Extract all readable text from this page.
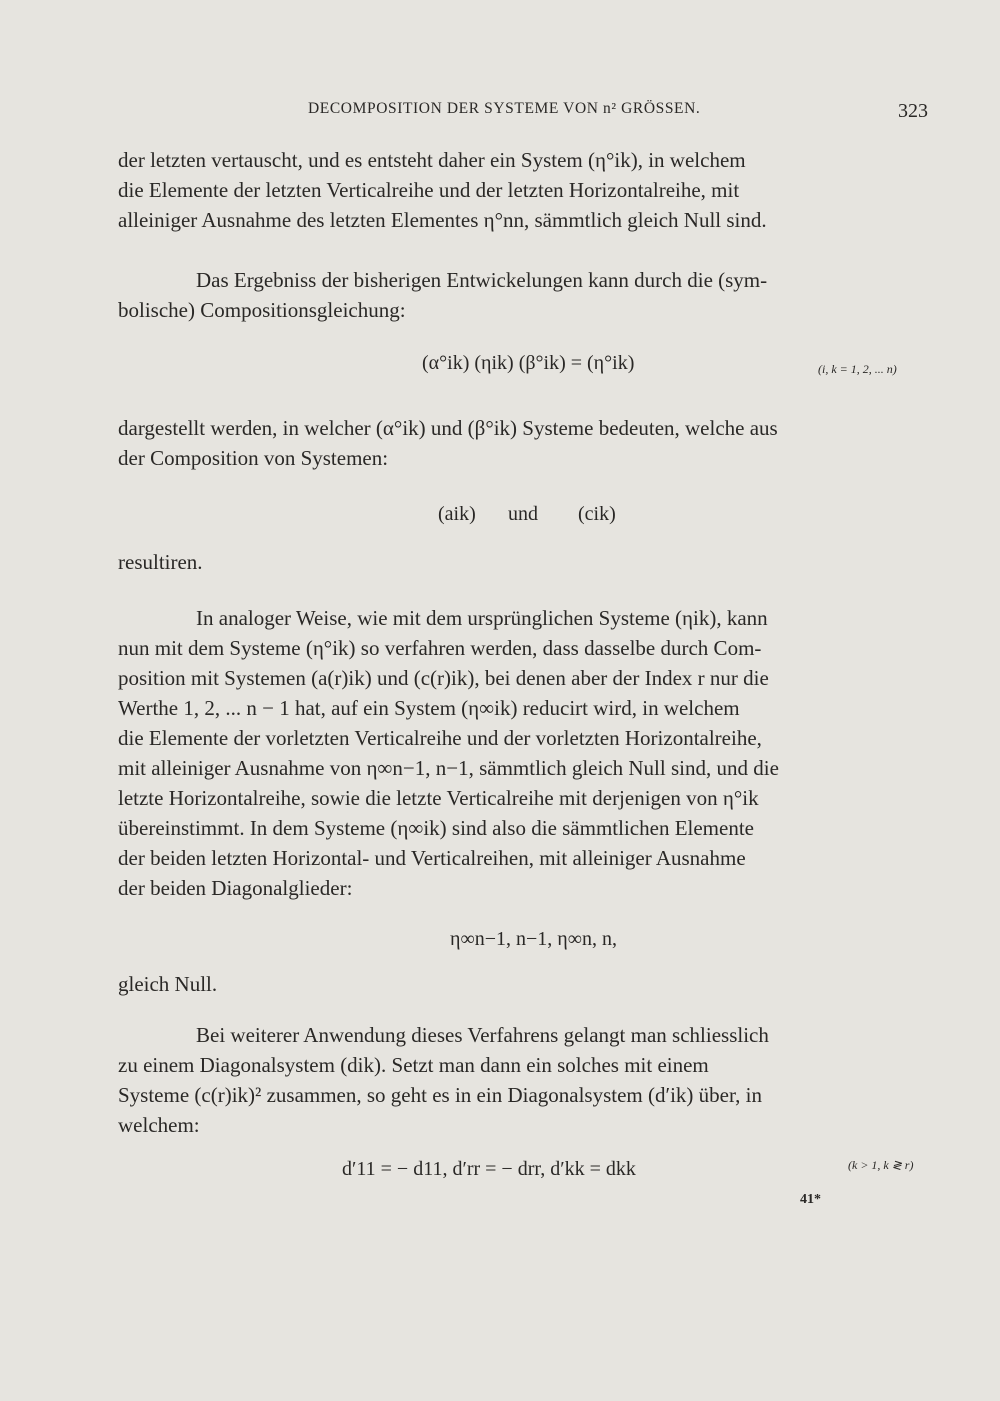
DECOMPOSITION DER SYSTEME VON n² GRÖSSEN.	323
der letzten vertauscht, und es entsteht daher ein System (η°ik), in welchem
die Elemente der letzten Verticalreihe und der letzten Horizontalreihe, mit
alleiniger Ausnahme des letzten Elementes η°nn, sämmtlich gleich Null sind.
Das Ergebniss der bisherigen Entwickelungen kann durch die (sym-
bolische) Compositionsgleichung:
(α°ik) (ηik) (β°ik) = (η°ik)	(i, k = 1, 2, ... n)
dargestellt werden, in welcher (α°ik) und (β°ik) Systeme bedeuten, welche aus
der Composition von Systemen:
(aik) und (cik)
resultiren.
In analoger Weise, wie mit dem ursprünglichen Systeme (ηik), kann
nun mit dem Systeme (η°ik) so verfahren werden, dass dasselbe durch Com-
position mit Systemen (a(r)ik) und (c(r)ik), bei denen aber der Index r nur die
Werthe 1, 2, ... n − 1 hat, auf ein System (η∞ik) reducirt wird, in welchem
die Elemente der vorletzten Verticalreihe und der vorletzten Horizontalreihe,
mit alleiniger Ausnahme von η∞n−1, n−1, sämmtlich gleich Null sind, und die
letzte Horizontalreihe, sowie die letzte Verticalreihe mit derjenigen von η°ik
übereinstimmt. In dem Systeme (η∞ik) sind also die sämmtlichen Elemente
der beiden letzten Horizontal- und Verticalreihen, mit alleiniger Ausnahme
der beiden Diagonalglieder:
η∞n−1, n−1, η∞n, n,
gleich Null.
Bei weiterer Anwendung dieses Verfahrens gelangt man schliesslich
zu einem Diagonalsystem (dik). Setzt man dann ein solches mit einem
Systeme (c(r)ik)² zusammen, so geht es in ein Diagonalsystem (d′ik) über, in
welchem:
d′11 = − d11, d′rr = − drr, d′kk = dkk	(k > 1, k ≷ r)
41*
